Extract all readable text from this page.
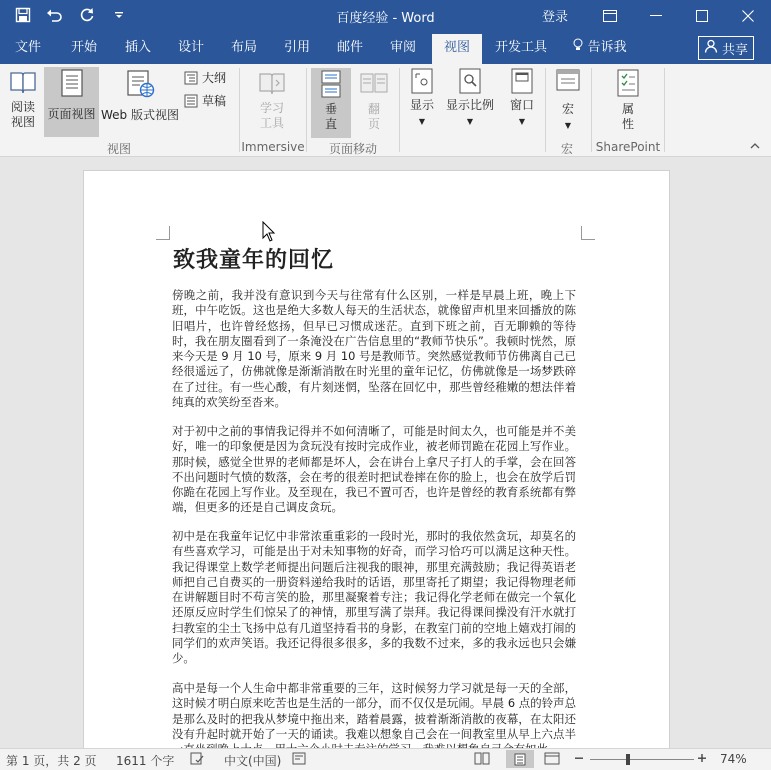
百度经验 - Word	登录
文件	开始	插入	设计	布局	引用	邮件	审阅	视图	开发工具	告诉我	共享
阅读
视图
页面视图 Web 版式视图
大纲
草稿
视图
学习
工具
Immersive
垂
直
翻
页
页面移动
显示
▼
显示比例
▼
窗口
▼
宏
▼
宏
属
性
SharePoint
致我童年的回忆
傍晚之前，我并没有意识到今天与往常有什么区别，一样是早晨上班，晚上下班，中午吃饭。这也是绝大多数人每天的生活状态，就像留声机里来回播放的陈旧唱片，也许曾经悠扬，但早已习惯成迷茫。直到下班之前，百无聊赖的等待时，我在朋友圈看到了一条淹没在广告信息里的“教师节快乐”。我顿时恍然，原来今天是 9 月 10 号，原来 9 月 10 号是教师节。突然感觉教师节仿佛离自己已经很遥远了，仿佛就像是渐渐消散在时光里的童年记忆，仿佛就像是一场梦跌碎在了过往。有一些心酸，有片刻迷惘，坠落在回忆中，那些曾经稚嫩的想法伴着纯真的欢笑纷至沓来。
对于初中之前的事情我记得并不如何清晰了，可能是时间太久，也可能是并不美好，唯一的印象便是因为贪玩没有按时完成作业，被老师罚跪在花园上写作业。那时候，感觉全世界的老师都是坏人，会在讲台上拿尺子打人的手掌，会在回答不出问题时气愤的数落，会在考的很差时把试卷摔在你的脸上，也会在放学后罚你跪在花园上写作业。及至现在，我已不置可否，也许是曾经的教育系统都有弊端，但更多的还是自己调皮贪玩。
初中是在我童年记忆中非常浓重重彩的一段时光，那时的我依然贪玩，却莫名的有些喜欢学习，可能是出于对未知事物的好奇，而学习恰巧可以满足这种天性。我记得课堂上数学老师提出问题后注视我的眼神，那里充满鼓励；我记得英语老师把自己自费买的一册资料递给我时的话语，那里寄托了期望；我记得物理老师在讲解题目时不苟言笑的脸，那里凝聚着专注；我记得化学老师在做完一个氧化还原反应时学生们惊呆了的神情，那里写满了崇拜。我记得课间操没有汗水就打扫教室的尘土飞扬中总有几道坚持看书的身影，在教室门前的空地上嬉戏打闹的同学们的欢声笑语。我还记得很多很多，多的我数不过来，多的我永远也只会嫌少。
高中是每一个人生命中都非常重要的三年，这时候努力学习就是每一天的全部，这时候才明白原来吃苦也是生活的一部分，而不仅仅是玩闹。早晨 6 点的铃声总是那么及时的把我从梦境中拖出来，踏着晨露，披着渐渐消散的夜幕，在太阳还没有升起时就开始了一天的诵读。我难以想象自己会在一间教室里从早上六点半
第 1 页，共 2 页 1611 个字	中文(中国)	74%
